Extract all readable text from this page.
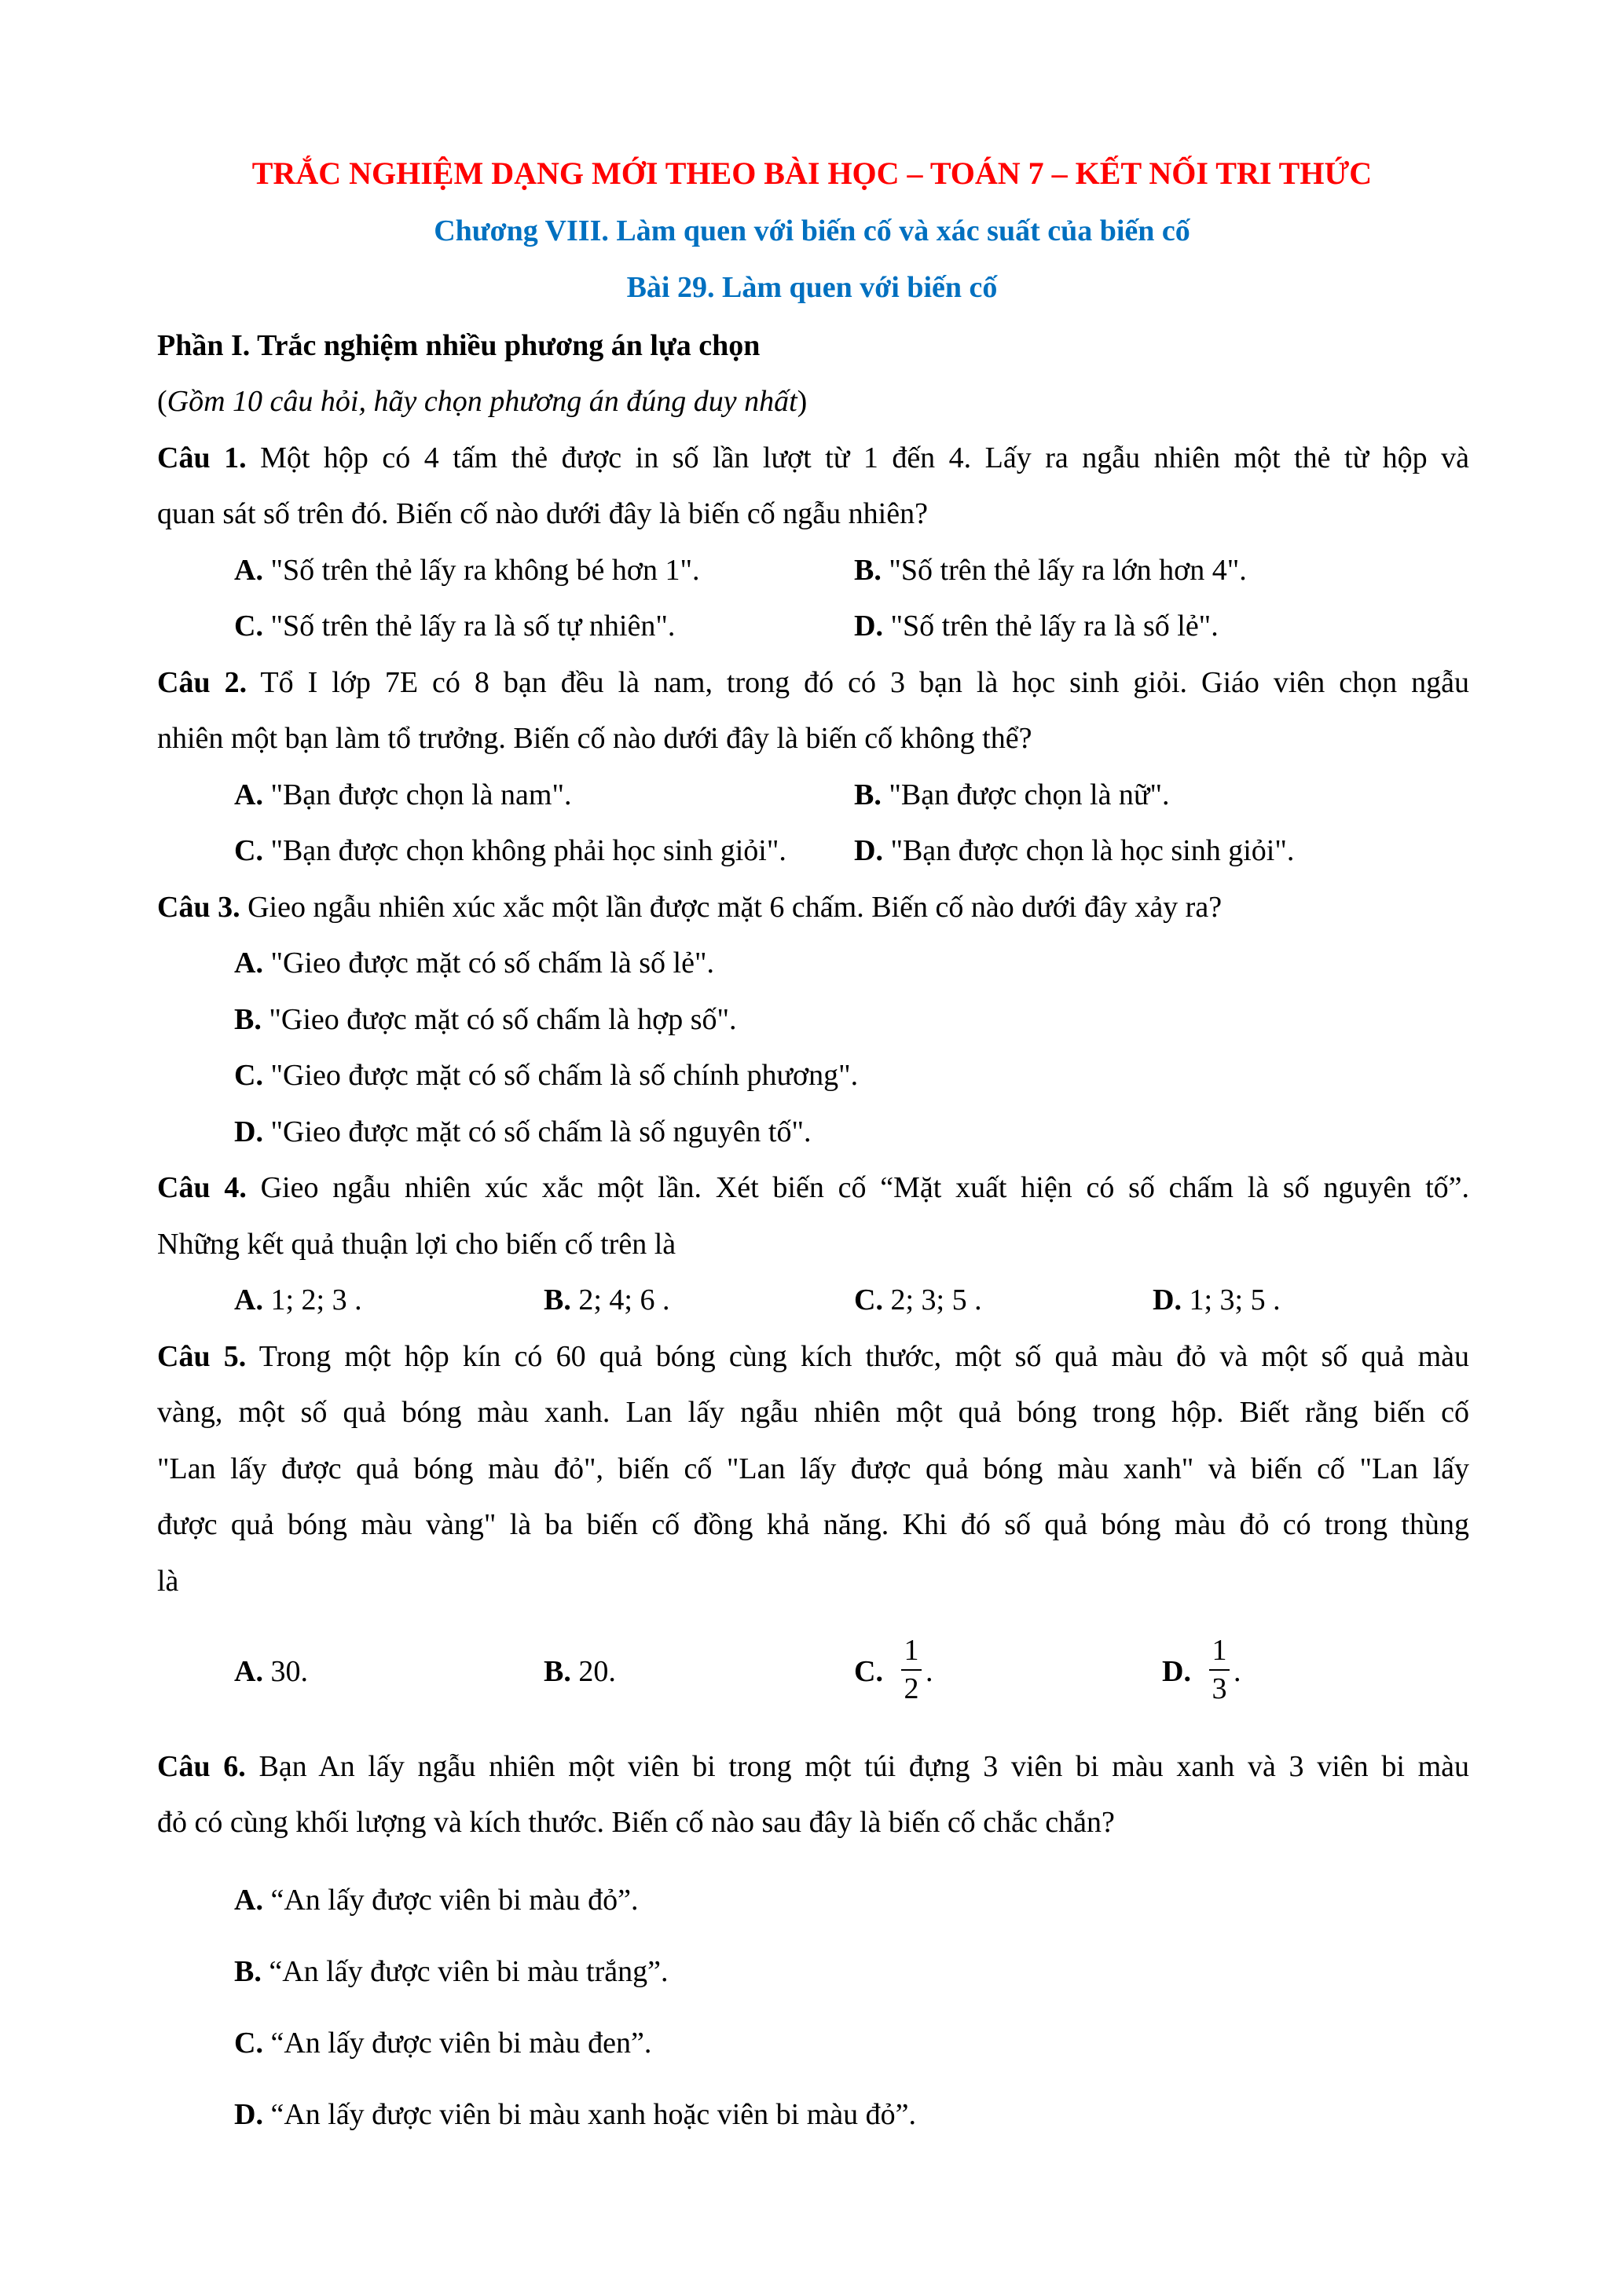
TRẮC NGHIỆM DẠNG MỚI THEO BÀI HỌC – TOÁN 7 – KẾT NỐI TRI THỨC
Chương VIII. Làm quen với biến cố và xác suất của biến cố
Bài 29. Làm quen với biến cố
Phần I. Trắc nghiệm nhiều phương án lựa chọn
(Gồm 10 câu hỏi, hãy chọn phương án đúng duy nhất)
Câu 1. Một hộp có 4 tấm thẻ được in số lần lượt từ 1 đến 4. Lấy ra ngẫu nhiên một thẻ từ hộp và
quan sát số trên đó. Biến cố nào dưới đây là biến cố ngẫu nhiên?
A. "Số trên thẻ lấy ra không bé hơn 1".	B. "Số trên thẻ lấy ra lớn hơn 4".
C. "Số trên thẻ lấy ra là số tự nhiên".	D. "Số trên thẻ lấy ra là số lẻ".
Câu 2. Tổ I lớp 7E có 8 bạn đều là nam, trong đó có 3 bạn là học sinh giỏi. Giáo viên chọn ngẫu
nhiên một bạn làm tổ trưởng. Biến cố nào dưới đây là biến cố không thể?
A. "Bạn được chọn là nam".	B. "Bạn được chọn là nữ".
C. "Bạn được chọn không phải học sinh giỏi". D. "Bạn được chọn là học sinh giỏi".
Câu 3. Gieo ngẫu nhiên xúc xắc một lần được mặt 6 chấm. Biến cố nào dưới đây xảy ra?
A. "Gieo được mặt có số chấm là số lẻ".
B. "Gieo được mặt có số chấm là hợp số".
C. "Gieo được mặt có số chấm là số chính phương".
D. "Gieo được mặt có số chấm là số nguyên tố".
Câu 4. Gieo ngẫu nhiên xúc xắc một lần. Xét biến cố “Mặt xuất hiện có số chấm là số nguyên tố”.
Những kết quả thuận lợi cho biến cố trên là
A. 1; 2; 3 .	B. 2; 4; 6 .	C. 2; 3; 5 .	D. 1; 3; 5 .
Câu 5. Trong một hộp kín có 60 quả bóng cùng kích thước, một số quả màu đỏ và một số quả màu
vàng, một số quả bóng màu xanh. Lan lấy ngẫu nhiên một quả bóng trong hộp. Biết rằng biến cố
"Lan lấy được quả bóng màu đỏ", biến cố "Lan lấy được quả bóng màu xanh" và biến cố "Lan lấy
được quả bóng màu vàng" là ba biến cố đồng khả năng. Khi đó số quả bóng màu đỏ có trong thùng
là
A. 30.	B. 20.	C.
1
2
.	D.
1
3
.
Câu 6. Bạn An lấy ngẫu nhiên một viên bi trong một túi đựng 3 viên bi màu xanh và 3 viên bi màu
đỏ có cùng khối lượng và kích thước. Biến cố nào sau đây là biến cố chắc chắn?
A. “An lấy được viên bi màu đỏ”.
B. “An lấy được viên bi màu trắng”.
C. “An lấy được viên bi màu đen”.
D. “An lấy được viên bi màu xanh hoặc viên bi màu đỏ”.
